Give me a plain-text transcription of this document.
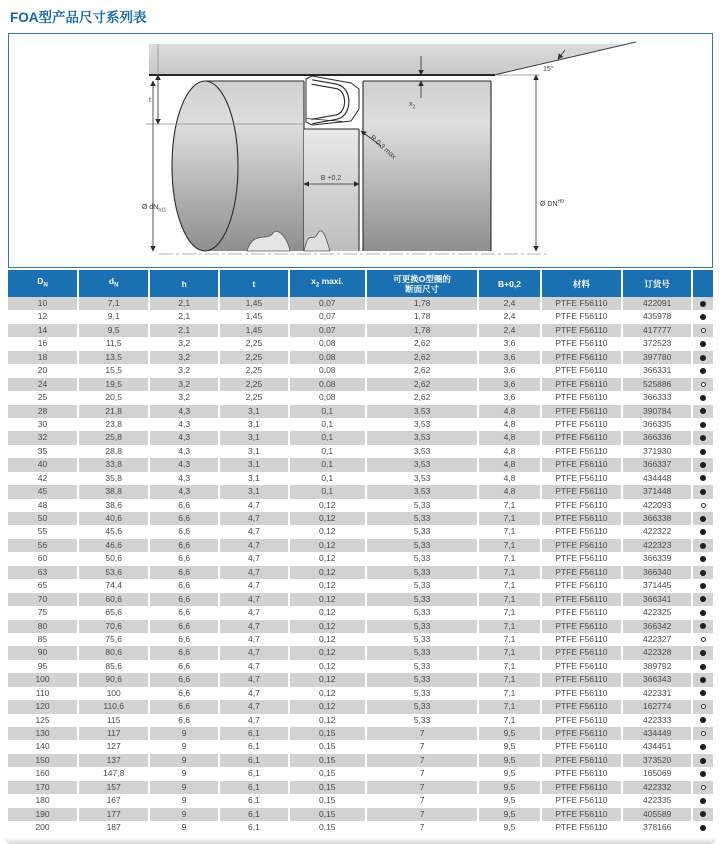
FOA型产品尺寸系列表
t
Ø $dN_{h11}$
$x_2$
B +0,2
R 0,3 max
15°
Ø $DN^{H9}$
$D_N$	$d_N$	h	t	$x_2$ maxi.	可更换O型圈的
断面尺寸	B+0,2	材料	订货号
10	7,1	2,1	1,45	0,07	1,78	2,4	PTFE F56110	422091
12	9,1	2,1	1,45	0,07	1,78	2,4	PTFE F56110	435978
14	9,5	2,1	1,45	0,07	1,78	2,4	PTFE F56110	417777
16	11,5	3,2	2,25	0,08	2,62	3,6	PTFE F56110	372523
18	13,5	3,2	2,25	0,08	2,62	3,6	PTFE F56110	397780
20	15,5	3,2	2,25	0,08	2,62	3,6	PTFE F56110	366331
24	19,5	3,2	2,25	0,08	2,62	3,6	PTFE F56110	525886
25	20,5	3,2	2,25	0,08	2,62	3,6	PTFE F56110	366333
28	21,8	4,3	3,1	0,1	3,53	4,8	PTFE F56110	390784
30	23,8	4,3	3,1	0,1	3,53	4,8	PTFE F56110	366335
32	25,8	4,3	3,1	0,1	3,53	4,8	PTFE F56110	366336
35	28,8	4,3	3,1	0,1	3,53	4,8	PTFE F56110	371930
40	33,8	4,3	3,1	0,1	3,53	4,8	PTFE F56110	366337
42	35,8	4,3	3,1	0,1	3,53	4,8	PTFE F56110	434448
45	38,8	4,3	3,1	0,1	3,53	4,8	PTFE F56110	371448
48	38,6	6,6	4,7	0,12	5,33	7,1	PTFE F56110	422093
50	40,6	6,6	4,7	0,12	5,33	7,1	PTFE F56110	366338
55	45,6	6,6	4,7	0,12	5,33	7,1	PTFE F56110	422322
56	46,6	6,6	4,7	0,12	5,33	7,1	PTFE F56110	422323
60	50,6	6,6	4,7	0,12	5,33	7,1	PTFE F56110	366339
63	53,6	6,6	4,7	0,12	5,33	7,1	PTFE F56110	366340
65	74,4	6,6	4,7	0,12	5,33	7,1	PTFE F56110	371445
70	60,6	6,6	4,7	0,12	5,33	7,1	PTFE F56110	366341
75	65,6	6,6	4,7	0,12	5,33	7,1	PTFE F56110	422325
80	70,6	6,6	4,7	0,12	5,33	7,1	PTFE F56110	366342
85	75,6	6,6	4,7	0,12	5,33	7,1	PTFE F56110	422327
90	80,6	6,6	4,7	0,12	5,33	7,1	PTFE F56110	422328
95	85,6	6,6	4,7	0,12	5,33	7,1	PTFE F56110	389792
100	90,6	6,6	4,7	0,12	5,33	7,1	PTFE F56110	366343
110	100	6,6	4,7	0,12	5,33	7,1	PTFE F56110	422331
120	110,6	6,6	4,7	0,12	5,33	7,1	PTFE F56110	162774
125	115	6,6	4,7	0,12	5,33	7,1	PTFE F56110	422333
130	117	9	6,1	0,15	7	9,5	PTFE F56110	434449
140	127	9	6,1	0,15	7	9,5	PTFE F56110	434451
150	137	9	6,1	0,15	7	9,5	PTFE F56110	373520
160	147,8	9	6,1	0,15	7	9,5	PTFE F56110	165069
170	157	9	6,1	0,15	7	9,5	PTFE F56110	422332
180	167	9	6,1	0,15	7	9,5	PTFE F56110	422335
190	177	9	6,1	0,15	7	9,5	PTFE F56110	405589
200	187	9	6,1	0,15	7	9,5	PTFE F56110	378166
